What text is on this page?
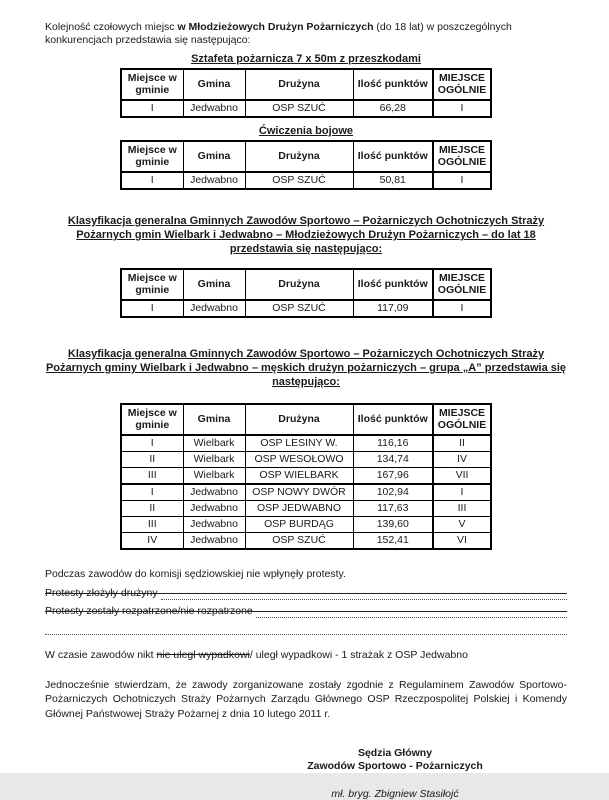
Kolejność czołowych miejsc w Młodzieżowych Drużyn Pożarniczych (do 18 lat) w poszczególnych konkurencjach przedstawia się następująco:

Sztafeta pożarnicza 7 x 50m z przeszkodami

Miejsce w gminie	Gmina	Drużyna	Ilość punktów	MIEJSCE OGÓLNIE
I	Jedwabno	OSP SZUĆ	66,28	I

Ćwiczenia bojowe

Miejsce w gminie	Gmina	Drużyna	Ilość punktów	MIEJSCE OGÓLNIE
I	Jedwabno	OSP SZUĆ	50,81	I

Klasyfikacja generalna Gminnych Zawodów Sportowo – Pożarniczych Ochotniczych Straży Pożarnych gmin Wielbark i Jedwabno – Młodzieżowych Drużyn Pożarniczych – do lat 18 przedstawia się następująco:

Miejsce w gminie	Gmina	Drużyna	Ilość punktów	MIEJSCE OGÓLNIE
I	Jedwabno	OSP SZUĆ	117,09	I

Klasyfikacja generalna Gminnych Zawodów Sportowo – Pożarniczych Ochotniczych Straży Pożarnych gminy Wielbark i Jedwabno – męskich drużyn pożarniczych – grupa „A” przedstawia się następująco:

Miejsce w gminie	Gmina	Drużyna	Ilość punktów	MIEJSCE OGÓLNIE
I	Wielbark	OSP LESINY W.	116,16	II
II	Wielbark	OSP WESOŁOWO	134,74	IV
III	Wielbark	OSP WIELBARK	167,96	VII
I	Jedwabno	OSP NOWY DWÓR	102,94	I
II	Jedwabno	OSP JEDWABNO	117,63	III
III	Jedwabno	OSP BURDĄG	139,60	V
IV	Jedwabno	OSP SZUĆ	152,41	VI

Podczas zawodów do komisji sędziowskiej nie wpłynęły protesty.

Protesty złożyły drużyny
Protesty zostały rozpatrzone/nie rozpatrzone

W czasie zawodów nikt nie uległ wypadkowi/ uległ wypadkowi - 1 strażak z OSP Jedwabno

Jednocześnie stwierdzam, że zawody zorganizowane zostały zgodnie z Regulaminem Zawodów Sportowo-Pożarniczych Ochotniczych Straży Pożarnych Zarządu Głównego OSP Rzeczpospolitej Polskiej i Komendy Głównej Państwowej Straży Pożarnej z dnia 10 lutego 2011 r.

Sędzia Główny

Zawodów Sportowo - Pożarniczych

mł. bryg. Zbigniew Stasiłojć
